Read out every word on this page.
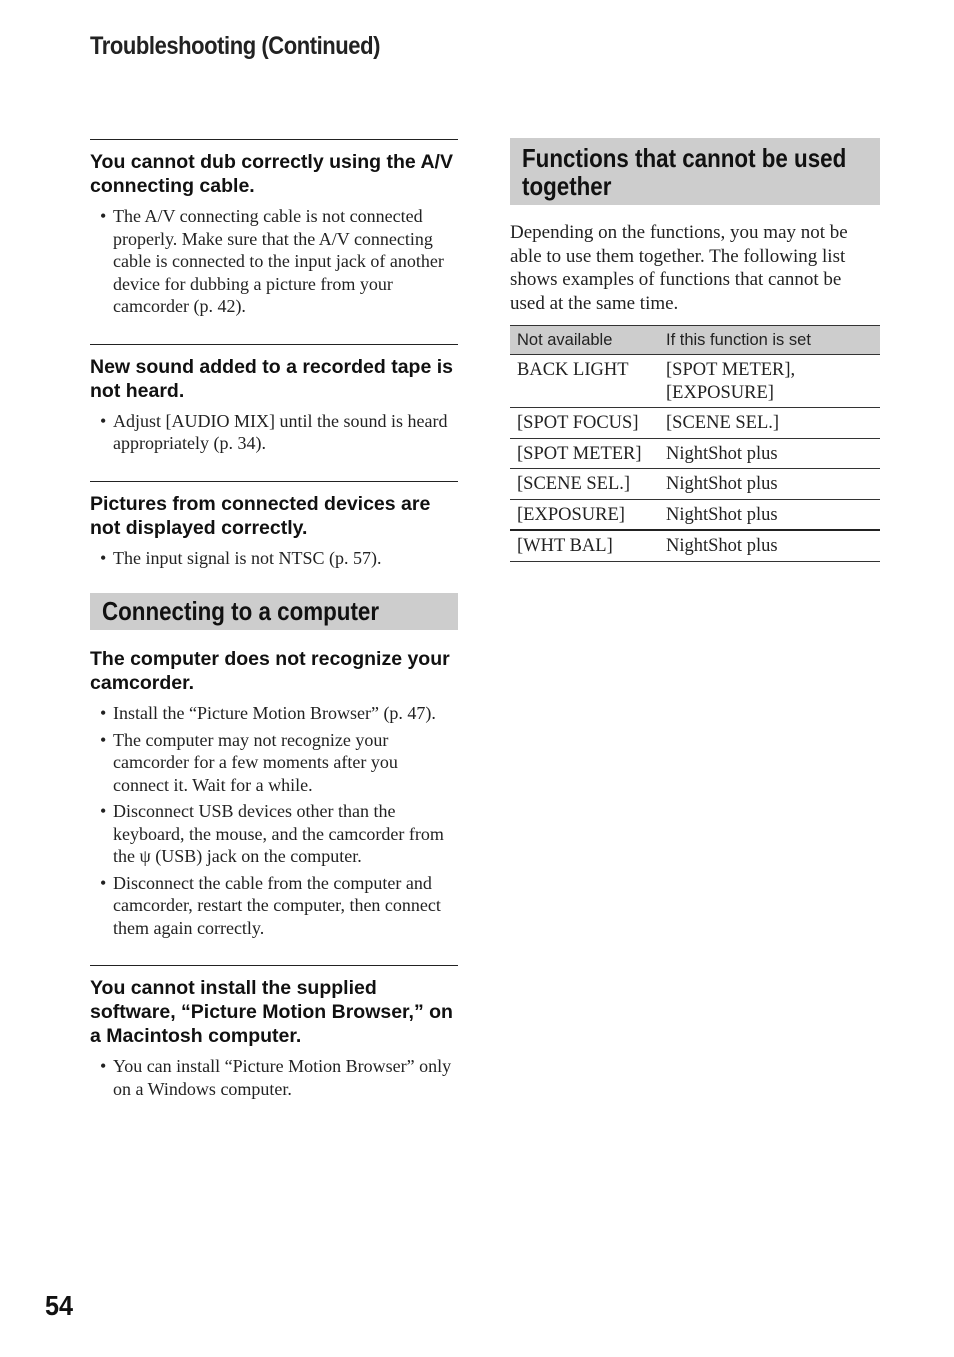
Troubleshooting (Continued)

You cannot dub correctly using the A/V connecting cable.

• The A/V connecting cable is not connected properly. Make sure that the A/V connecting cable is connected to the input jack of another device for dubbing a picture from your camcorder (p. 42).

New sound added to a recorded tape is not heard.

• Adjust [AUDIO MIX] until the sound is heard appropriately (p. 34).

Pictures from connected devices are not displayed correctly.

• The input signal is not NTSC (p. 57).
Connecting to a computer

The computer does not recognize your camcorder.

• Install the “Picture Motion Browser” (p. 47).
• The computer may not recognize your camcorder for a few moments after you connect it. Wait for a while.
• Disconnect USB devices other than the keyboard, the mouse, and the camcorder from the ψ (USB) jack on the computer.
• Disconnect the cable from the computer and camcorder, restart the computer, then connect them again correctly.

You cannot install the supplied software, “Picture Motion Browser,” on a Macintosh computer.

• You can install “Picture Motion Browser” only on a Windows computer.
Functions that cannot be used together

Depending on the functions, you may not be able to use them together. The following list shows examples of functions that cannot be used at the same time.

Not available	If this function is set
BACK LIGHT	[SPOT METER], [EXPOSURE]
[SPOT FOCUS]	[SCENE SEL.]
[SPOT METER]	NightShot plus
[SCENE SEL.]	NightShot plus
[EXPOSURE]	NightShot plus
[WHT BAL]	NightShot plus

54
